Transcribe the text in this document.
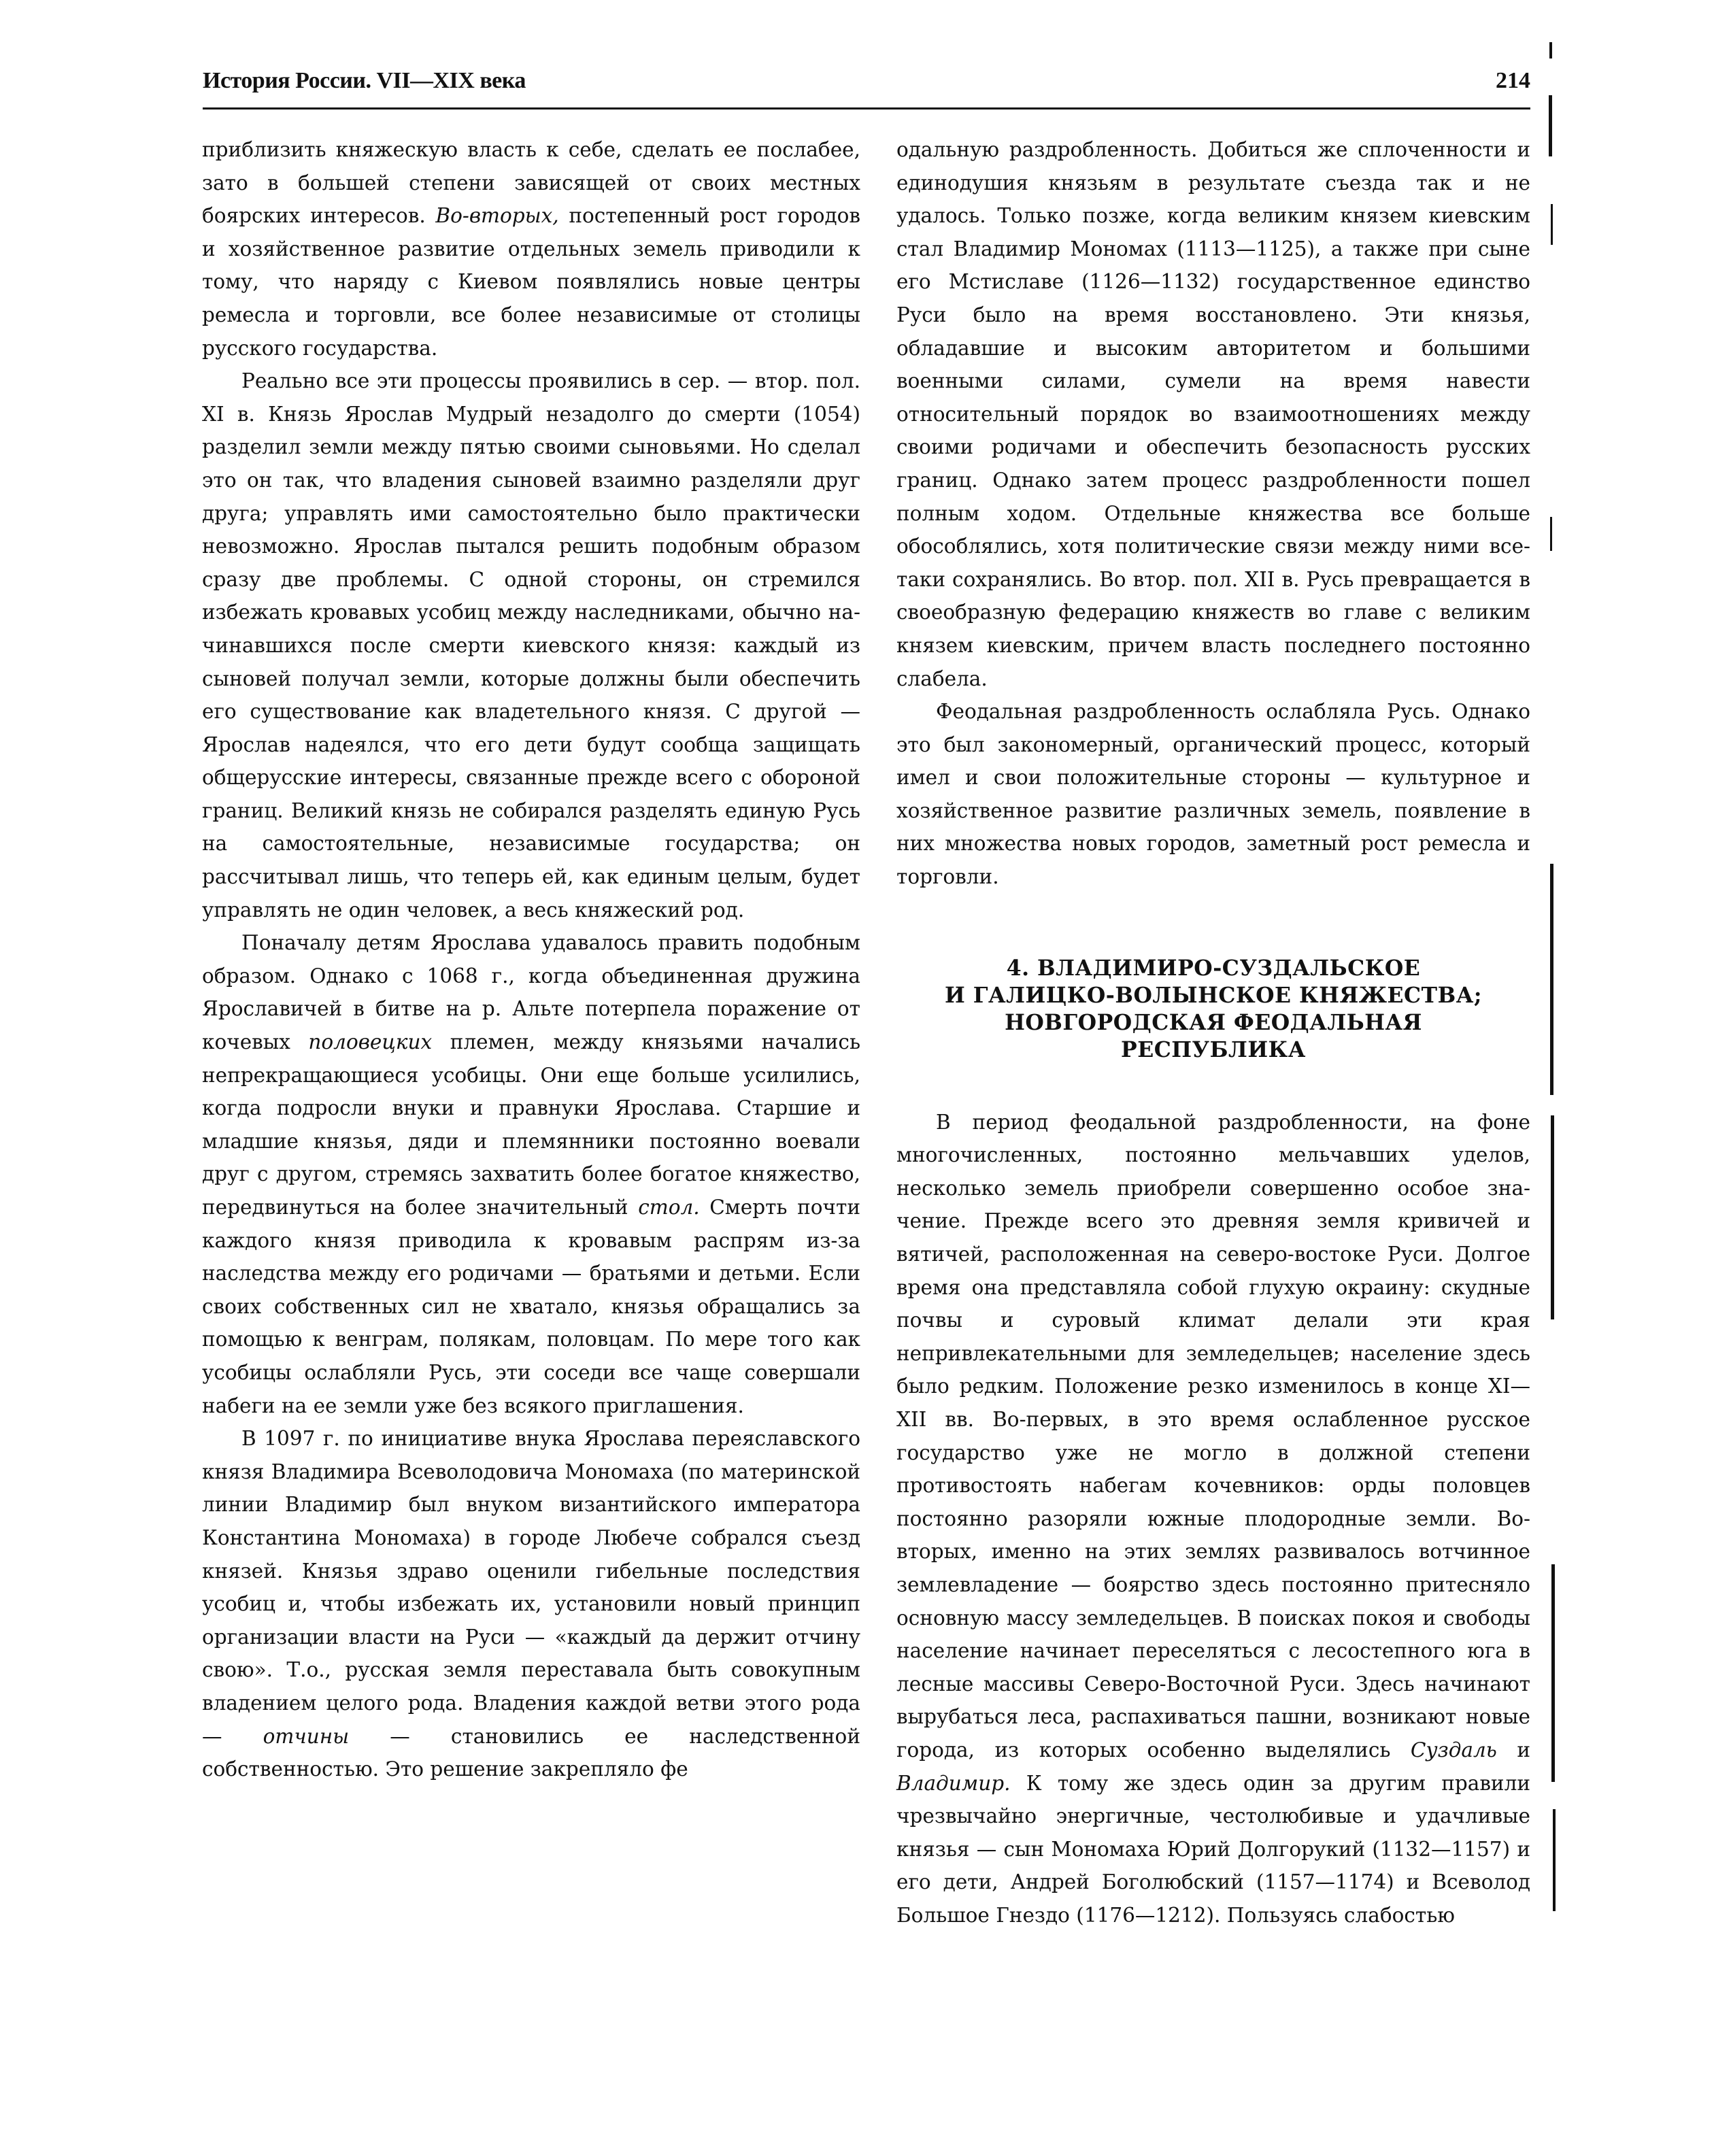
История России. VII—XIX века	214

приблизить княжескую власть к себе, сделать ее послабее, зато в большей степени зависящей от своих местных боярских интересов. Во-вторых, постепенный рост городов и хозяйственное развитие отдельных земель приводили к тому, что наряду с Киевом появлялись новые центры ремесла и торговли, все более независимые от столицы русского государства.

Реально все эти процессы проявились в сер. — втор. пол. XI в. Князь Ярослав Мудрый незадолго до смерти (1054) разделил земли между пятью своими сыновьями. Но сделал это он так, что владения сыновей взаимно разделяли друг друга; управлять ими самостоятельно было практически невозможно. Ярослав пытался решить подобным образом сразу две проблемы. С одной стороны, он стремился избежать кровавых усобиц между наследниками, обычно начинавшихся после смерти киевского князя: каждый из сыновей получал земли, которые должны были обеспечить его существование как владетельного князя. С другой — Ярослав надеялся, что его дети будут сообща защищать общерусские интересы, связанные прежде всего с обороной границ. Великий князь не собирался разделять единую Русь на самостоятельные, независимые государства; он рассчитывал лишь, что теперь ей, как единым целым, будет управлять не один человек, а весь княжеский род.

Поначалу детям Ярослава удавалось править подобным образом. Однако с 1068 г., когда объединенная дружина Ярославичей в битве на р. Альте потерпела поражение от кочевых половецких племен, между князьями начались непрекращающиеся усобицы. Они еще больше усилились, когда подросли внуки и правнуки Ярослава. Старшие и младшие князья, дяди и племянники постоянно воевали друг с другом, стремясь захватить более богатое княжество, передвинуться на более значительный стол. Смерть почти каждого князя приводила к кровавым распрям из-за наследства между его родичами — братьями и детьми. Если своих собственных сил не хватало, князья обращались за помощью к венграм, полякам, половцам. По мере того как усобицы ослабляли Русь, эти соседи все чаще совершали набеги на ее земли уже без всякого приглашения.

В 1097 г. по инициативе внука Ярослава переяславского князя Владимира Всеволодовича Мономаха (по материнской линии Владимир был внуком византийского императора Константина Мономаха) в городе Любече собрался съезд князей. Князья здраво оценили гибельные последствия усобиц и, чтобы избежать их, установили новый принцип организации власти на Руси — «каждый да держит отчину свою». Т.о., русская земля переставала быть совокупным владением целого рода. Владения каждой ветви этого рода — отчины — становились ее наследственной собственностью. Это решение закрепляло фе

одальную раздробленность. Добиться же сплоченности и единодушия князьям в результате съезда так и не удалось. Только позже, когда великим князем киевским стал Владимир Мономах (1113—1125), а также при сыне его Мстиславе (1126—1132) государственное единство Руси было на время восстановлено. Эти князья, обладавшие и высоким авторитетом и большими военными силами, сумели на время навести относительный порядок во взаимоотношениях между своими родичами и обеспечить безопасность русских границ. Однако затем процесс раздробленности пошел полным ходом. Отдельные княжества все больше обособлялись, хотя политические связи между ними все-таки сохранялись. Во втор. пол. XII в. Русь превращается в своеобразную федерацию княжеств во главе с великим князем киевским, причем власть последнего постоянно слабела.

Феодальная раздробленность ослабляла Русь. Однако это был закономерный, органический процесс, который имел и свои положительные стороны — культурное и хозяйственное развитие различных земель, появление в них множества новых городов, заметный рост ремесла и торговли.

4. ВЛАДИМИРО-СУЗДАЛЬСКОЕ
И ГАЛИЦКО-ВОЛЫНСКОЕ КНЯЖЕСТВА;
НОВГОРОДСКАЯ ФЕОДАЛЬНАЯ
РЕСПУБЛИКА

В период феодальной раздробленности, на фоне многочисленных, постоянно мельчавших уделов, несколько земель приобрели совершенно особое значение. Прежде всего это древняя земля кривичей и вятичей, расположенная на северо-востоке Руси. Долгое время она представляла собой глухую окраину: скудные почвы и суровый климат делали эти края непривлекательными для земледельцев; население здесь было редким. Положение резко изменилось в конце XI—XII вв. Во-первых, в это время ослабленное русское государство уже не могло в должной степени противостоять набегам кочевников: орды половцев постоянно разоряли южные плодородные земли. Во-вторых, именно на этих землях развивалось вотчинное землевладение — боярство здесь постоянно притесняло основную массу земледельцев. В поисках покоя и свободы население начинает переселяться с лесостепного юга в лесные массивы Северо-Восточной Руси. Здесь начинают вырубаться леса, распахиваться пашни, возникают новые города, из которых особенно выделялись Суздаль и Владимир. К тому же здесь один за другим правили чрезвычайно энергичные, честолюбивые и удачливые князья — сын Мономаха Юрий Долгорукий (1132—1157) и его дети, Андрей Боголюбский (1157—1174) и Всеволод Большое Гнездо (1176—1212). Пользуясь слабостью
